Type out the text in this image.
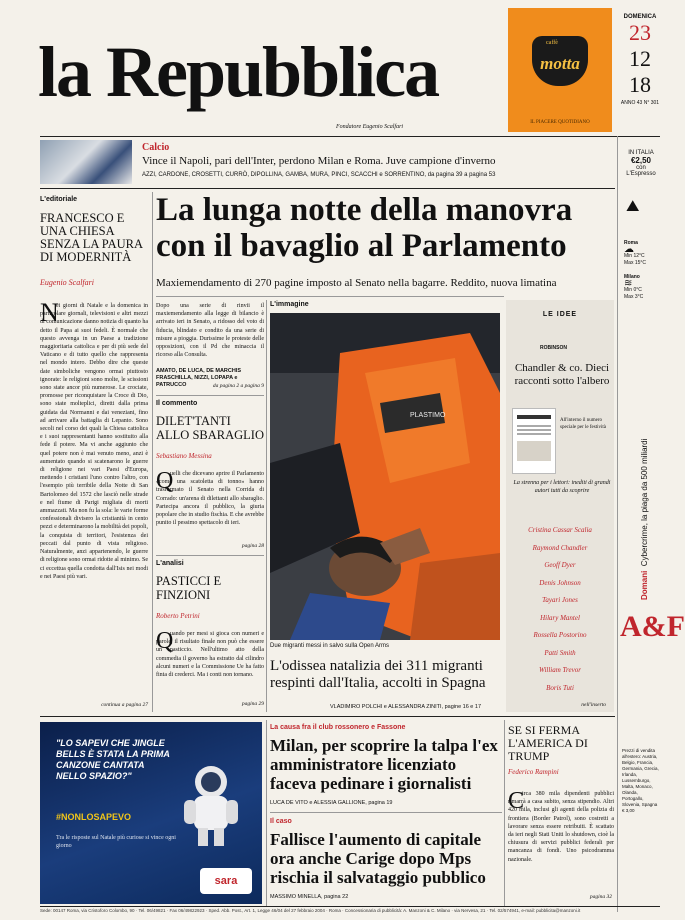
la Repubblica
Fondatore Eugenio Scalfari
motta
caffè
IL PIACERE QUOTIDIANO
DOMENICA
23
12
18
ANNO 43 N° 301
Calcio
Vince il Napoli, pari dell'Inter, perdono Milan e Roma. Juve campione d'inverno
AZZI, CARDONE, CROSETTI, CURRÒ, DIPOLLINA, GAMBA, MURA, PINCI, SCACCHI e SORRENTINO, da pagina 39 a pagina 53
IN ITALIA
€2,50
con L'Espresso
La lunga notte della manovra con il bavaglio al Parlamento
Maxiemendamento di 270 pagine imposto al Senato nella bagarre. Reddito, nuova limatina
L'editoriale
FRANCESCO E UNA CHIESA SENZA LA PAURA DI MODERNITÀ
Eugenio Scalfari
N
ei giorni di Natale e la domenica in particolare giornali, televisioni e altri mezzi di comunicazione danno notizia di quanto ha detto il Papa ai suoi fedeli. È normale che questo avvenga in un Paese a tradizione maggioritaria cattolica e per di più sede del Vaticano e di tutto quello che rappresenta nel mondo intero. Debbo dire che queste date simboliche vengono ormai piuttosto ignorate: le religioni sono molte, le scissioni sono state ancor più numerose. Le crociate, promosse per riconquistare la Croce di Dio, sono state molteplici, diretti dalla prima guidata dai Normanni e dai veneziani, fino ad arrivare alla battaglia di Lepanto. Sono secoli nel corso dei quali la Chiesa cattolica e i suoi rappresentanti hanno sostituito alla fede il potere. Ma vi anche aggiunto che quel potere non è mai venuto meno, anzi è aumentato quando si scatenarono le guerre di religione nei vari Paesi d'Europa, mettendo i cristiani l'uno contro l'altro, con l'esempio più terribile della Notte di San Bartolomeo del 1572 che lasciò nelle strade e nel fiume di Parigi migliaia di morti ammazzati. Ma non fu la sola: le varie forme confessionali divisero la cristianità in cento pezzi e determinarono la mobilità dei popoli, la conquista di territori, l'esistenza dei peccati dal punto di vista religioso. Naturalmente, anzi appartenendo, le guerre di religione sono ormai ridotte al minimo. Se ci eccettua quella condotta dall'Isis nei modi e nei Paesi più vari.
continua a pagina 27
Dopo una serie di rinvii il maxiemendamento alla legge di bilancio è arrivato ieri in Senato, a ridosso del voto di fiducia, blindato e condito da una serie di misure a pioggia. Durissime le proteste delle opposizioni, con il Pd che minaccia il ricorso alla Consulta.
AMATO, DE LUCA, DE MARCHIS FRASCHILLA, NIZZI, LOPAPA e PATRUCCO	da pagina 2 a pagina 9
Il commento
DILET'TANTI ALLO SBARAGLIO
Sebastiano Messina
Q
uelli che dicevano aprire il Parlamento «come una scatoletta di tonno» hanno trasformato il Senato nella Corrida di Corrado: un'arena di dilettanti allo sbaraglio. Partecipa ancora il pubblico, la giuria popolare che in studio fischia. E che avrebbe punito il pessimo spettacolo di ieri.
pagina 28
L'analisi
PASTICCI E FINZIONI
Roberto Petrini
Q
uando per mesi si gioca con numeri e parole, il risultato finale non può che essere un pasticcio. Nell'ultimo atto della commedia il governo ha estratto dal cilindro alcuni numeri e la Commissione Ue ha fatto finta di crederci. Ma i conti non tornano.
pagina 29
L'immagine
PLASTIMO
Due migranti messi in salvo sulla Open Arms
L'odissea natalizia dei 311 migranti respinti dall'Italia, accolti in Spagna
VLADIMIRO POLCHI e ALESSANDRA ZINITI, pagine 16 e 17
LE IDEE
ROBINSON
Chandler & co. Dieci racconti sotto l'albero
All'interno il numero speciale per le festività
La strenna per i lettori: inediti di grandi autori tutti da scoprire
Cristina Cassar Scalia
Raymond Chandler
Geoff Dyer
Denis Johnson
Tayari Jones
Hilary Mantel
Rossella Postorino
Patti Smith
William Trevor
Boris Tuti
nell'inserto
⛰
Roma
☁
Min 12°C
Max 15°C
Milano
≋
Min 0°C
Max 3°C
Domani  Cybercrime, la piaga da 500 miliardi
A&F
Prezzi di vendita all'estero: Austria, Belgio, Francia, Germania, Grecia, Irlanda, Lussemburgo, Malta, Monaco, Olanda, Portogallo, Slovenia, Spagna € 3,00
"LO SAPEVI CHE JINGLE BELLS È STATA LA PRIMA CANZONE CANTATA NELLO SPAZIO?"
#NONLOSAPEVO
Tra le risposte sul Natale più curiose si vince ogni giorno
sara
La causa fra il club rossonero e Fassone
Milan, per scoprire la talpa l'ex amministratore licenziato faceva pedinare i giornalisti
LUCA DE VITO e ALESSIA GALLIONE, pagina 19
Il caso
Fallisce l'aumento di capitale ora anche Carige dopo Mps rischia il salvataggio pubblico
MASSIMO MINELLA, pagina 22
SE SI FERMA L'AMERICA DI TRUMP
Federico Rampini
C
irca 380 mila dipendenti pubblici rimarrà a casa subito, senza stipendio. Altri 420 mila, inclusi gli agenti della polizia di frontiera (Border Patrol), sono costretti a lavorare senza essere retribuiti. È scattato da ieri negli Stati Uniti lo shutdown, cioè la chiusura di servizi pubblici federali per mancanza di fondi. Uno psicodramma nazionale.
pagina 32
Sede: 00147 Roma, via Cristoforo Colombo, 90 · Tel. 06/49821 · Fax 06/49822923 · Sped. Abb. Post., Art. 1, Legge 46/04 del 27 febbraio 2004 · Roma · Concessionaria di pubblicità: A. Manzoni & C. Milano · via Nervesa, 21 · Tel. 02/574941, e-mail: pubblicita@manzoni.it
